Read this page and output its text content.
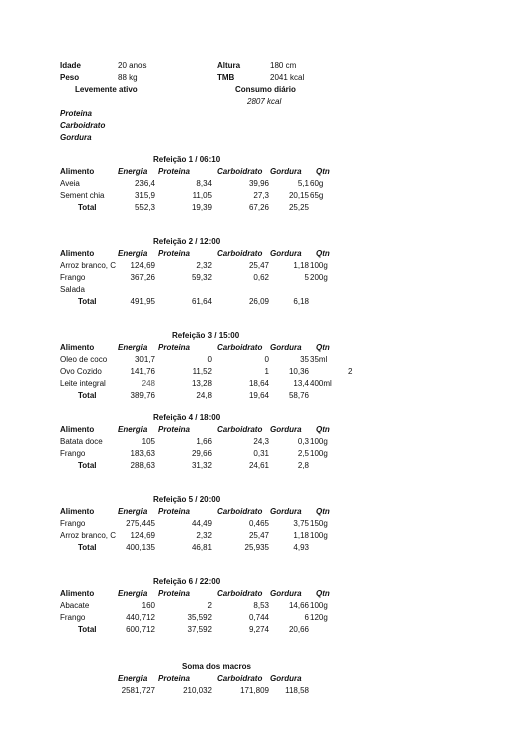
Idade	20 anos	Altura	180 cm
Peso	88 kg	TMB	2041 kcal
Levemente ativo	Consumo diário
2807 kcal
Proteina
Carboidrato
Gordura
Refeição 1 / 06:10
Alimento	Energia Proteina	Carboidrato Gordura Qtn
Aveia	236,4	8,34	39,96	5,1 60g
Sement chia	315,9	11,05	27,3	20,15 65g
Total	552,3	19,39	67,26	25,25
Refeição 2 / 12:00
Alimento	Energia Proteina	Carboidrato Gordura Qtn
Arroz branco, C	124,69	2,32	25,47	1,18 100g
Frango	367,26	59,32	0,62	5 200g
Salada
Total	491,95	61,64	26,09	6,18
Refeição 3 / 15:00
Alimento	Energia Proteina	Carboidrato Gordura Qtn
Oleo de coco	301,7	0	0	35 35ml
Ovo Cozido	141,76	11,52	1	10,36	2
Leite integral	248	13,28	18,64	13,4 400ml
Total	389,76	24,8	19,64	58,76
Refeição 4 / 18:00
Alimento	Energia Proteina	Carboidrato Gordura Qtn
Batata doce	105	1,66	24,3	0,3 100g
Frango	183,63	29,66	0,31	2,5 100g
Total	288,63	31,32	24,61	2,8
Refeição 5 / 20:00
Alimento	Energia Proteina	Carboidrato Gordura Qtn
Frango	275,445	44,49	0,465	3,75 150g
Arroz branco, C	124,69	2,32	25,47	1,18 100g
Total	400,135	46,81	25,935	4,93
Refeição 6 / 22:00
Alimento	Energia Proteina	Carboidrato Gordura Qtn
Abacate	160	2	8,53	14,66 100g
Frango	440,712	35,592	0,744	6 120g
Total	600,712	37,592	9,274	20,66
Soma dos macros
Energia Proteina	Carboidrato Gordura
2581,727	210,032	171,809	118,58
